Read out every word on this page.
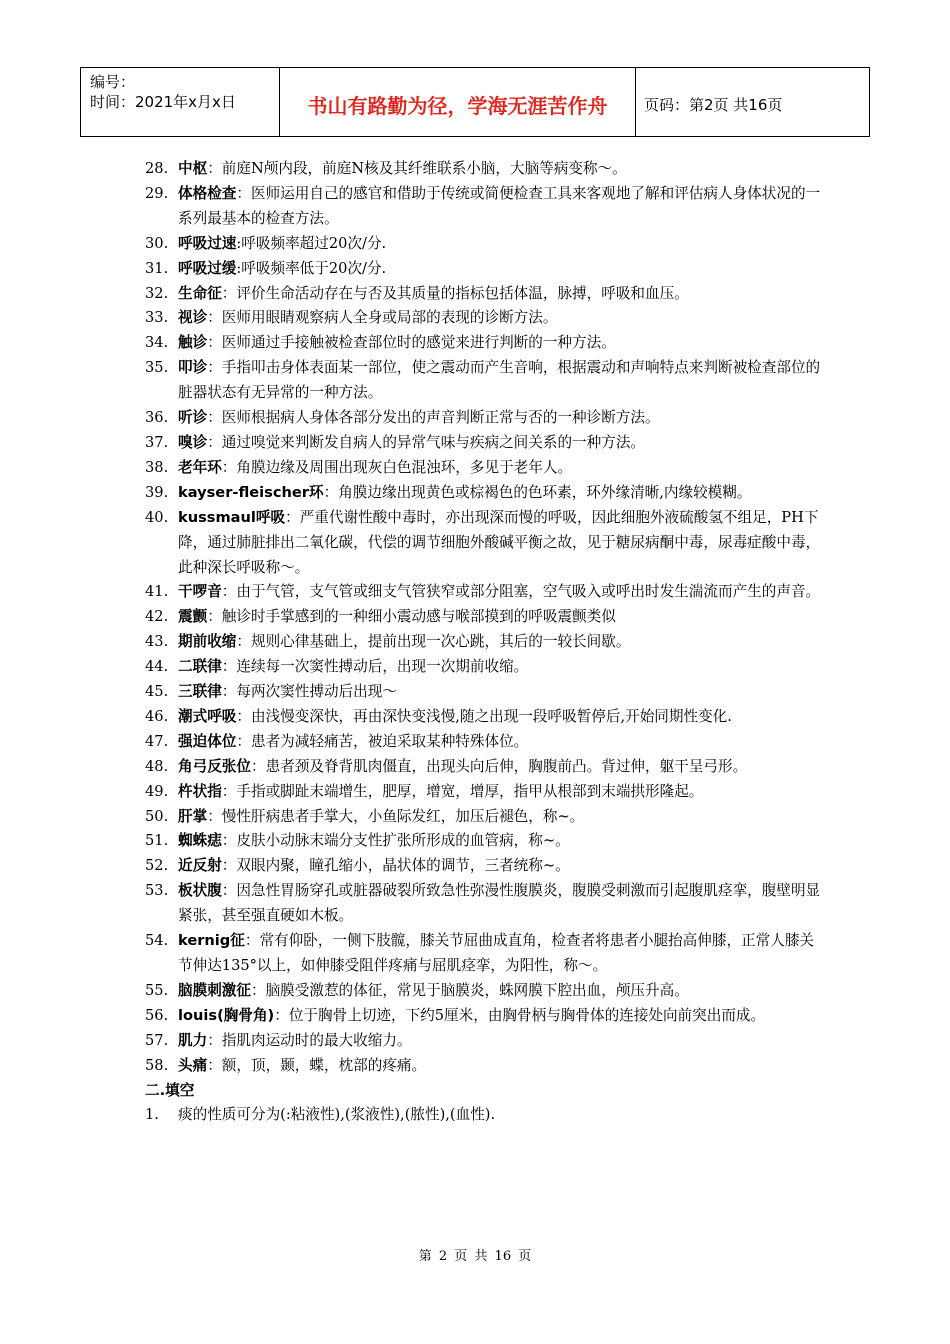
编号：
时间：2021年x月x日	书山有路勤为径，学海无涯苦作舟	页码：第2页 共16页
28. 中枢：前庭N颅内段，前庭N核及其纤维联系小脑，大脑等病变称～。
29. 体格检查：医师运用自己的感官和借助于传统或简便检查工具来客观地了解和评估病人身体状况的一系列最基本的检查方法。
30. 呼吸过速:呼吸频率超过20次/分.
31. 呼吸过缓:呼吸频率低于20次/分.
32. 生命征：评价生命活动存在与否及其质量的指标包括体温，脉搏，呼吸和血压。
33. 视诊：医师用眼睛观察病人全身或局部的表现的诊断方法。
34. 触诊：医师通过手接触被检查部位时的感觉来进行判断的一种方法。
35. 叩诊：手指叩击身体表面某一部位，使之震动而产生音响，根据震动和声响特点来判断被检查部位的脏器状态有无异常的一种方法。
36. 听诊：医师根据病人身体各部分发出的声音判断正常与否的一种诊断方法。
37. 嗅诊：通过嗅觉来判断发自病人的异常气味与疾病之间关系的一种方法。
38. 老年环：角膜边缘及周围出现灰白色混浊环，多见于老年人。
39. kayser-fleischer环：角膜边缘出现黄色或棕褐色的色环素，环外缘清晰,内缘较模糊。
40. kussmaul呼吸：严重代谢性酸中毒时，亦出现深而慢的呼吸，因此细胞外液硫酸氢不组足，PH下降，通过肺脏排出二氧化碳，代偿的调节细胞外酸碱平衡之故，见于糖尿病酮中毒，尿毒症酸中毒，此种深长呼吸称～。
41. 干啰音：由于气管，支气管或细支气管狭窄或部分阻塞，空气吸入或呼出时发生湍流而产生的声音。
42. 震颤：触诊时手掌感到的一种细小震动感与喉部摸到的呼吸震颤类似
43. 期前收缩：规则心律基础上，提前出现一次心跳，其后的一较长间歇。
44. 二联律：连续每一次窦性搏动后，出现一次期前收缩。
45. 三联律：每两次窦性搏动后出现～
46. 潮式呼吸：由浅慢变深快，再由深快变浅慢,随之出现一段呼吸暂停后,开始同期性变化.
47. 强迫体位：患者为减轻痛苦，被迫采取某种特殊体位。
48. 角弓反张位：患者颈及脊背肌肉僵直，出现头向后伸，胸腹前凸。背过伸，躯干呈弓形。
49. 杵状指：手指或脚趾末端增生，肥厚，增宽，增厚，指甲从根部到末端拱形隆起。
50. 肝掌：慢性肝病患者手掌大，小鱼际发红，加压后褪色，称~。
51. 蜘蛛痣：皮肤小动脉末端分支性扩张所形成的血管病，称~。
52. 近反射：双眼内聚，瞳孔缩小，晶状体的调节，三者统称~。
53. 板状腹：因急性胃肠穿孔或脏器破裂所致急性弥漫性腹膜炎，腹膜受刺激而引起腹肌痉挛，腹壁明显紧张，甚至强直硬如木板。
54. kernig征：常有仰卧，一侧下肢髋，膝关节屈曲成直角，检查者将患者小腿抬高伸膝，正常人膝关节伸达135°以上，如伸膝受阻伴疼痛与屈肌痉挛，为阳性，称～。
55. 脑膜刺激征：脑膜受激惹的体征，常见于脑膜炎，蛛网膜下腔出血，颅压升高。
56. louis(胸骨角)：位于胸骨上切迹，下约5厘米，由胸骨柄与胸骨体的连接处向前突出而成。
57. 肌力：指肌肉运动时的最大收缩力。
58. 头痛：额，顶，颞，蝶，枕部的疼痛。
二.填空
1.	痰的性质可分为(:粘液性),(浆液性),(脓性),(血性).
第 2 页 共 16 页
